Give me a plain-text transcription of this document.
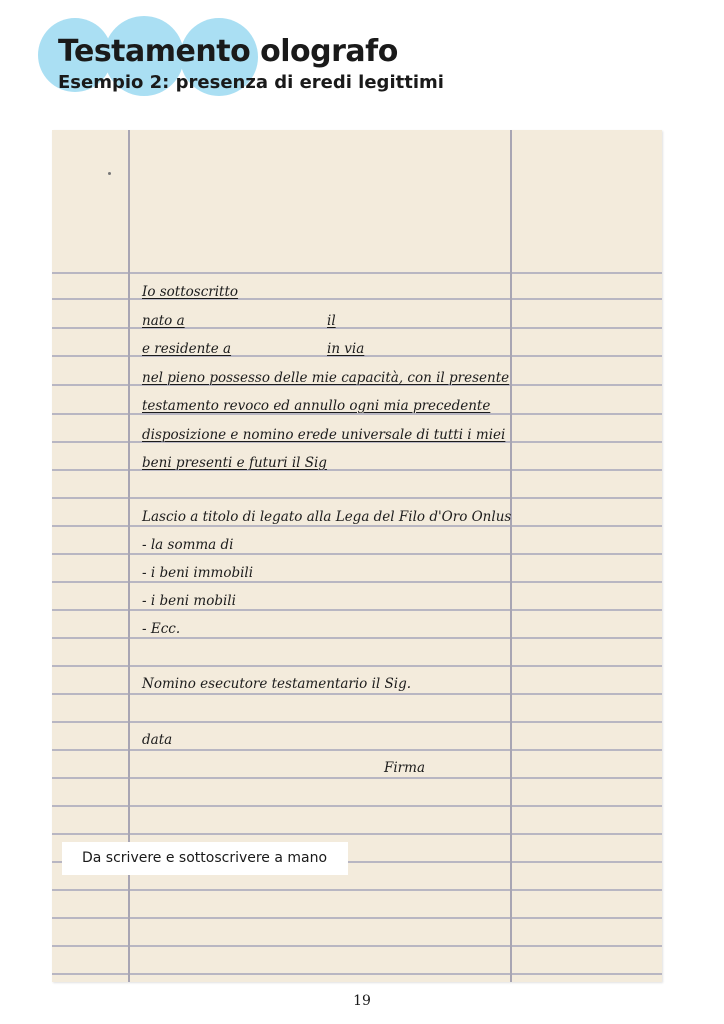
Testamento olografo
Esempio 2: presenza di eredi legittimi
Io sottoscritto
nato a	il
e residente a	in via
nel pieno possesso delle mie capacità, con il presente
testamento revoco ed annullo ogni mia precedente
disposizione e nomino erede universale di tutti i miei
beni presenti e futuri il Sig
Lascio a titolo di legato alla Lega del Filo d'Oro Onlus
- la somma di
- i beni immobili
- i beni mobili
- Ecc.
Nomino esecutore testamentario il Sig.
data
Firma
Da scrivere e sottoscrivere a mano
19
